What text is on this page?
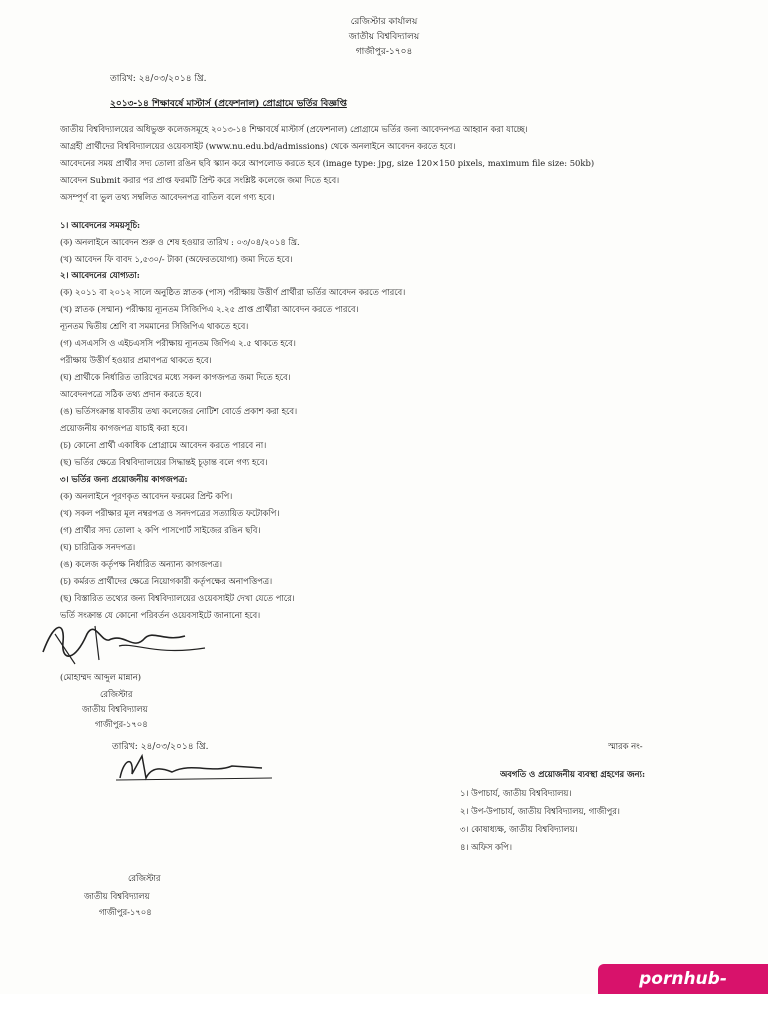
রেজিস্টার কার্যালয়
জাতীয় বিশ্ববিদ্যালয়
গাজীপুর-১৭০৪
তারিখ: ২৪/০৩/২০১৪ খ্রি.
২০১৩-১৪ শিক্ষাবর্ষে মাস্টার্স (প্রফেশনাল) প্রোগ্রামে ভর্তির বিজ্ঞপ্তি
জাতীয় বিশ্ববিদ্যালয়ের অধিভুক্ত কলেজসমূহে ২০১৩-১৪ শিক্ষাবর্ষে মাস্টার্স (প্রফেশনাল) প্রোগ্রামে ভর্তির জন্য আবেদনপত্র আহ্বান করা যাচ্ছে।
আগ্রহী প্রার্থীদের বিশ্ববিদ্যালয়ের ওয়েবসাইট (www.nu.edu.bd/admissions) থেকে অনলাইনে আবেদন করতে হবে।
আবেদনের সময় প্রার্থীর সদ্য তোলা রঙিন ছবি স্ক্যান করে আপলোড করতে হবে (image type: jpg, size 120×150 pixels, maximum file size: 50kb)
আবেদন Submit করার পর প্রাপ্ত ফরমটি প্রিন্ট করে সংশ্লিষ্ট কলেজে জমা দিতে হবে।
অসম্পূর্ণ বা ভুল তথ্য সম্বলিত আবেদনপত্র বাতিল বলে গণ্য হবে।
১। আবেদনের সময়সূচি:
(ক) অনলাইনে আবেদন শুরু ও শেষ হওয়ার তারিখ : ০৩/০৪/২০১৪ খ্রি.
(খ) আবেদন ফি বাবদ ১,৫৩০/- টাকা (অফেরতযোগ্য) জমা দিতে হবে।
২। আবেদনের যোগ্যতা:
(ক) ২০১১ বা ২০১২ সালে অনুষ্ঠিত স্নাতক (পাস) পরীক্ষায় উত্তীর্ণ প্রার্থীরা ভর্তির আবেদন করতে পারবে।
(খ) স্নাতক (সম্মান) পরীক্ষায় ন্যূনতম সিজিপিএ ২.২৫ প্রাপ্ত প্রার্থীরা আবেদন করতে পারবে।
ন্যূনতম দ্বিতীয় শ্রেণি বা সমমানের সিজিপিএ থাকতে হবে।
(গ) এসএসসি ও এইচএসসি পরীক্ষায় ন্যূনতম জিপিএ ২.৫ থাকতে হবে।
পরীক্ষায় উত্তীর্ণ হওয়ার প্রমাণপত্র থাকতে হবে।
(ঘ) প্রার্থীকে নির্ধারিত তারিখের মধ্যে সকল কাগজপত্র জমা দিতে হবে।
আবেদনপত্রে সঠিক তথ্য প্রদান করতে হবে।
(ঙ) ভর্তিসংক্রান্ত যাবতীয় তথ্য কলেজের নোটিশ বোর্ডে প্রকাশ করা হবে।
প্রয়োজনীয় কাগজপত্র যাচাই করা হবে।
(চ) কোনো প্রার্থী একাধিক প্রোগ্রামে আবেদন করতে পারবে না।
(ছ) ভর্তির ক্ষেত্রে বিশ্ববিদ্যালয়ের সিদ্ধান্তই চূড়ান্ত বলে গণ্য হবে।
৩। ভর্তির জন্য প্রয়োজনীয় কাগজপত্র:
(ক) অনলাইনে পূরণকৃত আবেদন ফরমের প্রিন্ট কপি।
(খ) সকল পরীক্ষার মূল নম্বরপত্র ও সনদপত্রের সত্যায়িত ফটোকপি।
(গ) প্রার্থীর সদ্য তোলা ২ কপি পাসপোর্ট সাইজের রঙিন ছবি।
(ঘ) চারিত্রিক সনদপত্র।
(ঙ) কলেজ কর্তৃপক্ষ নির্ধারিত অন্যান্য কাগজপত্র।
(চ) কর্মরত প্রার্থীদের ক্ষেত্রে নিয়োগকারী কর্তৃপক্ষের অনাপত্তিপত্র।
(ছ) বিস্তারিত তথ্যের জন্য বিশ্ববিদ্যালয়ের ওয়েবসাইট দেখা যেতে পারে।
ভর্তি সংক্রান্ত যে কোনো পরিবর্তন ওয়েবসাইটে জানানো হবে।
(মোহাম্মদ আব্দুল মান্নান)
রেজিস্টার
জাতীয় বিশ্ববিদ্যালয়
গাজীপুর-১৭০৪
তারিখ: ২৪/০৩/২০১৪ খ্রি.	স্মারক নং-
অবগতি ও প্রয়োজনীয় ব্যবস্থা গ্রহণের জন্য:
১। উপাচার্য, জাতীয় বিশ্ববিদ্যালয়।
২। উপ-উপাচার্য, জাতীয় বিশ্ববিদ্যালয়, গাজীপুর।
৩। কোষাধ্যক্ষ, জাতীয় বিশ্ববিদ্যালয়।
৪। অফিস কপি।
রেজিস্টার
জাতীয় বিশ্ববিদ্যালয়
গাজীপুর-১৭০৪
pornhub-pics.com
